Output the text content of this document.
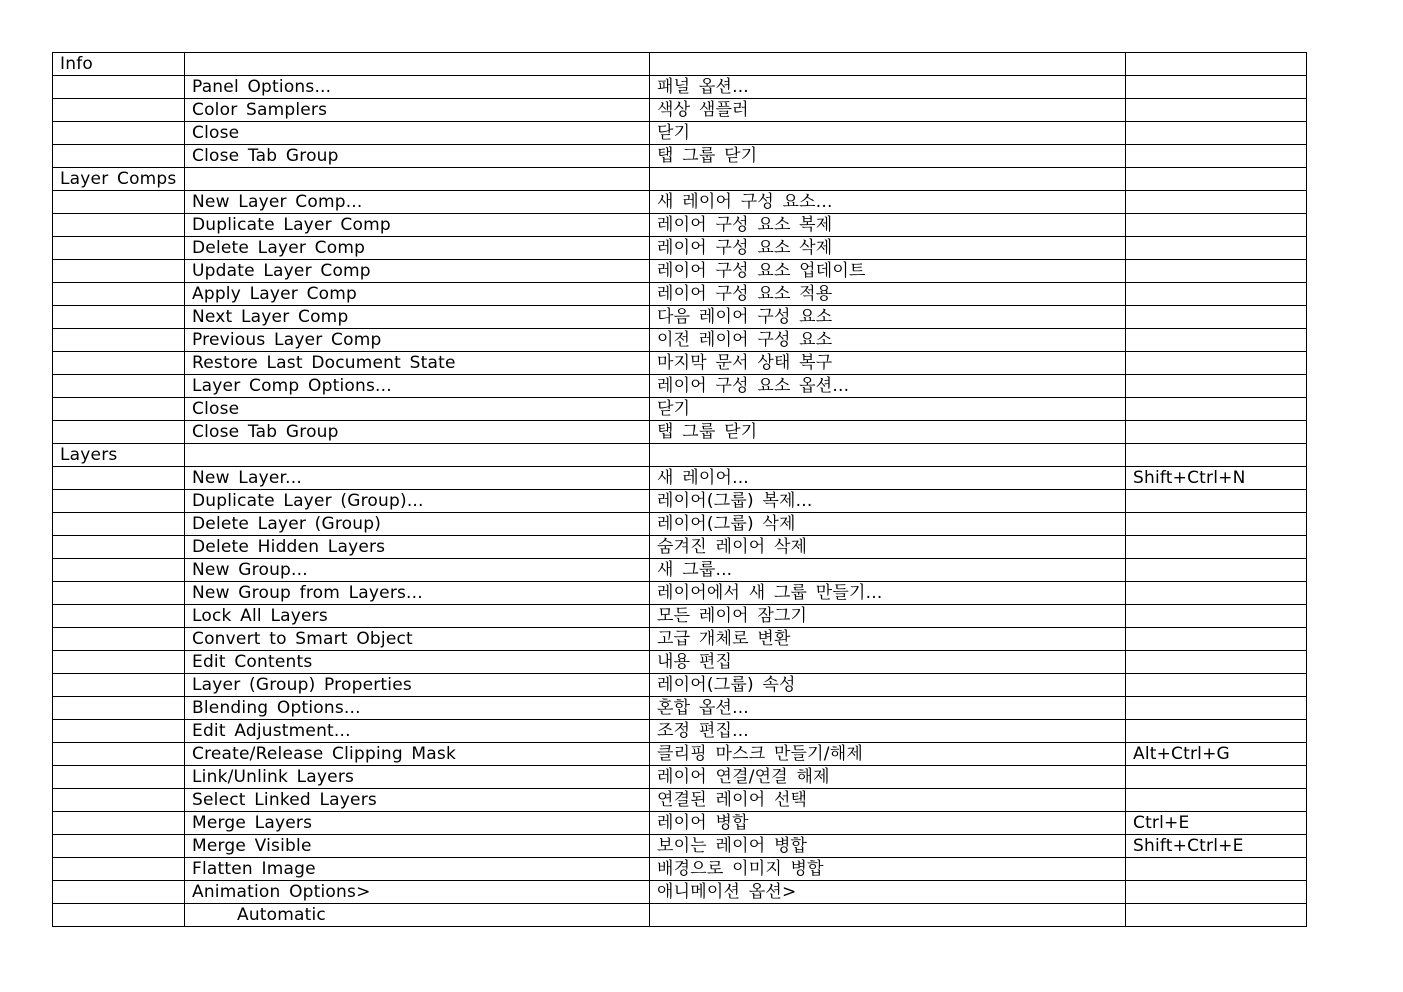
Info			
	Panel Options...	패널 옵션...	
	Color Samplers	색상 샘플러	
	Close	닫기	
	Close Tab Group	탭 그룹 닫기	
Layer Comps			
	New Layer Comp...	새 레이어 구성 요소...	
	Duplicate Layer Comp	레이어 구성 요소 복제	
	Delete Layer Comp	레이어 구성 요소 삭제	
	Update Layer Comp	레이어 구성 요소 업데이트	
	Apply Layer Comp	레이어 구성 요소 적용	
	Next Layer Comp	다음 레이어 구성 요소	
	Previous Layer Comp	이전 레이어 구성 요소	
	Restore Last Document State	마지막 문서 상태 복구	
	Layer Comp Options...	레이어 구성 요소 옵션...	
	Close	닫기	
	Close Tab Group	탭 그룹 닫기	
Layers			
	New Layer...	새 레이어...	Shift+Ctrl+N
	Duplicate Layer (Group)...	레이어(그룹) 복제...	
	Delete Layer (Group)	레이어(그룹) 삭제	
	Delete Hidden Layers	숨겨진 레이어 삭제	
	New Group...	새 그룹...	
	New Group from Layers...	레이어에서 새 그룹 만들기...	
	Lock All Layers	모든 레이어 잠그기	
	Convert to Smart Object	고급 개체로 변환	
	Edit Contents	내용 편집	
	Layer (Group) Properties	레이어(그룹) 속성	
	Blending Options...	혼합 옵션...	
	Edit Adjustment...	조정 편집...	
	Create/Release Clipping Mask	클리핑 마스크 만들기/해제	Alt+Ctrl+G
	Link/Unlink Layers	레이어 연결/연결 해제	
	Select Linked Layers	연결된 레이어 선택	
	Merge Layers	레이어 병합	Ctrl+E
	Merge Visible	보이는 레이어 병합	Shift+Ctrl+E
	Flatten Image	배경으로 이미지 병합	
	Animation Options>	애니메이션 옵션>	
	Automatic		
